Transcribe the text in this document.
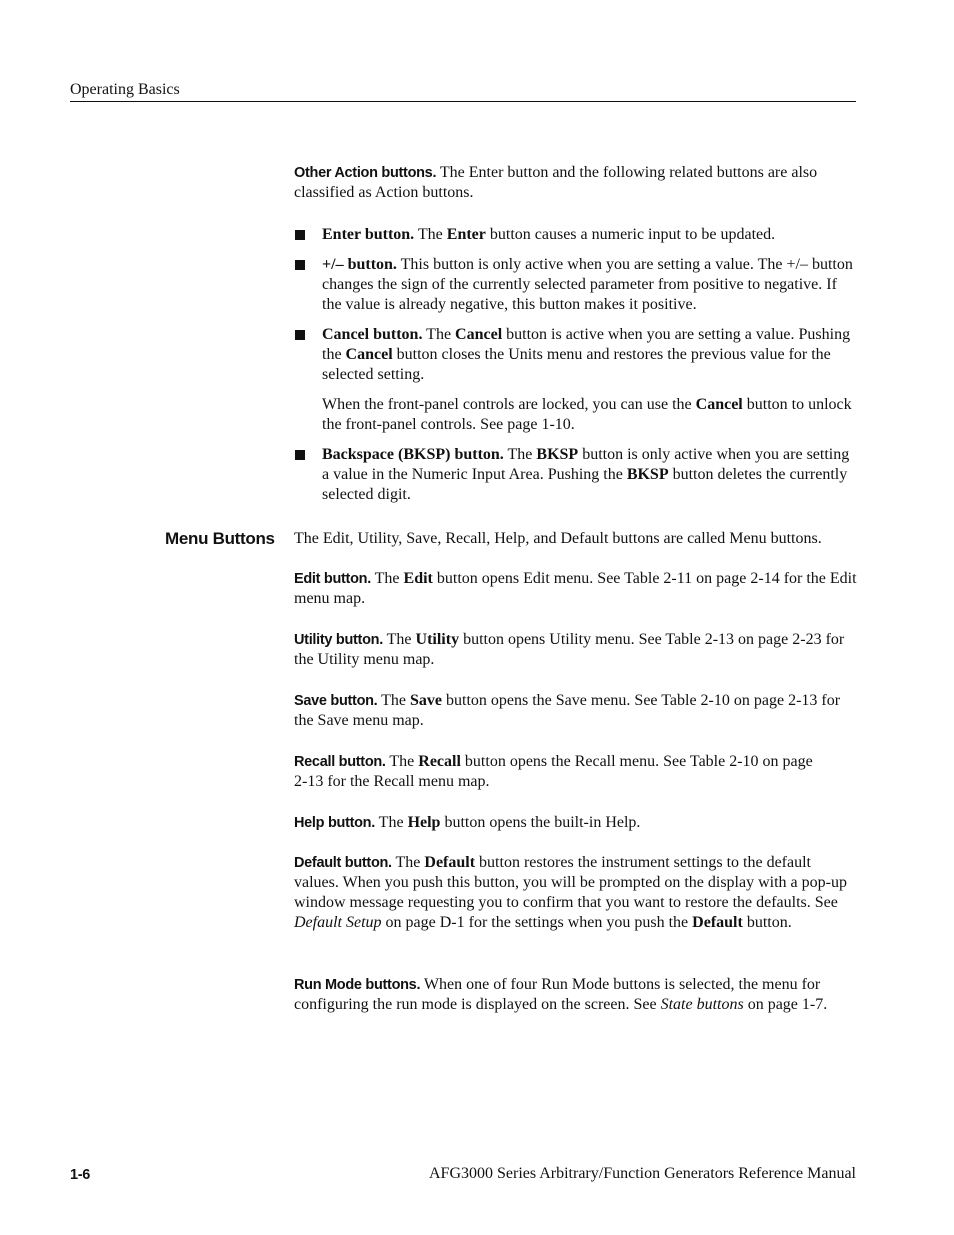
Operating Basics

Other Action buttons. The Enter button and the following related buttons are also classified as Action buttons.

Enter button. The Enter button causes a numeric input to be updated.
+/– button. This button is only active when you are setting a value. The +/– button changes the sign of the currently selected parameter from positive to negative. If the value is already negative, this button makes it positive.
Cancel button. The Cancel button is active when you are setting a value. Pushing the Cancel button closes the Units menu and restores the previous value for the selected setting.
When the front-panel controls are locked, you can use the Cancel button to unlock the front-panel controls. See page 1-10.
Backspace (BKSP) button. The BKSP button is only active when you are setting a value in the Numeric Input Area. Pushing the BKSP button deletes the currently selected digit.
Menu Buttons The Edit, Utility, Save, Recall, Help, and Default buttons are called Menu buttons.

Edit button. The Edit button opens Edit menu. See Table 2-11 on page 2-14 for the Edit menu map.

Utility button. The Utility button opens Utility menu. See Table 2-13 on page 2-23 for the Utility menu map.

Save button. The Save button opens the Save menu. See Table 2-10 on page 2-13 for the Save menu map.

Recall button. The Recall button opens the Recall menu. See Table 2-10 on page 2-13 for the Recall menu map.

Help button. The Help button opens the built-in Help.

Default button. The Default button restores the instrument settings to the default values. When you push this button, you will be prompted on the display with a pop-up window message requesting you to confirm that you want to restore the defaults. See Default Setup on page D-1 for the settings when you push the Default button.

Run Mode buttons. When one of four Run Mode buttons is selected, the menu for configuring the run mode is displayed on the screen. See State buttons on page 1-7.

1-6	AFG3000 Series Arbitrary/Function Generators Reference Manual
